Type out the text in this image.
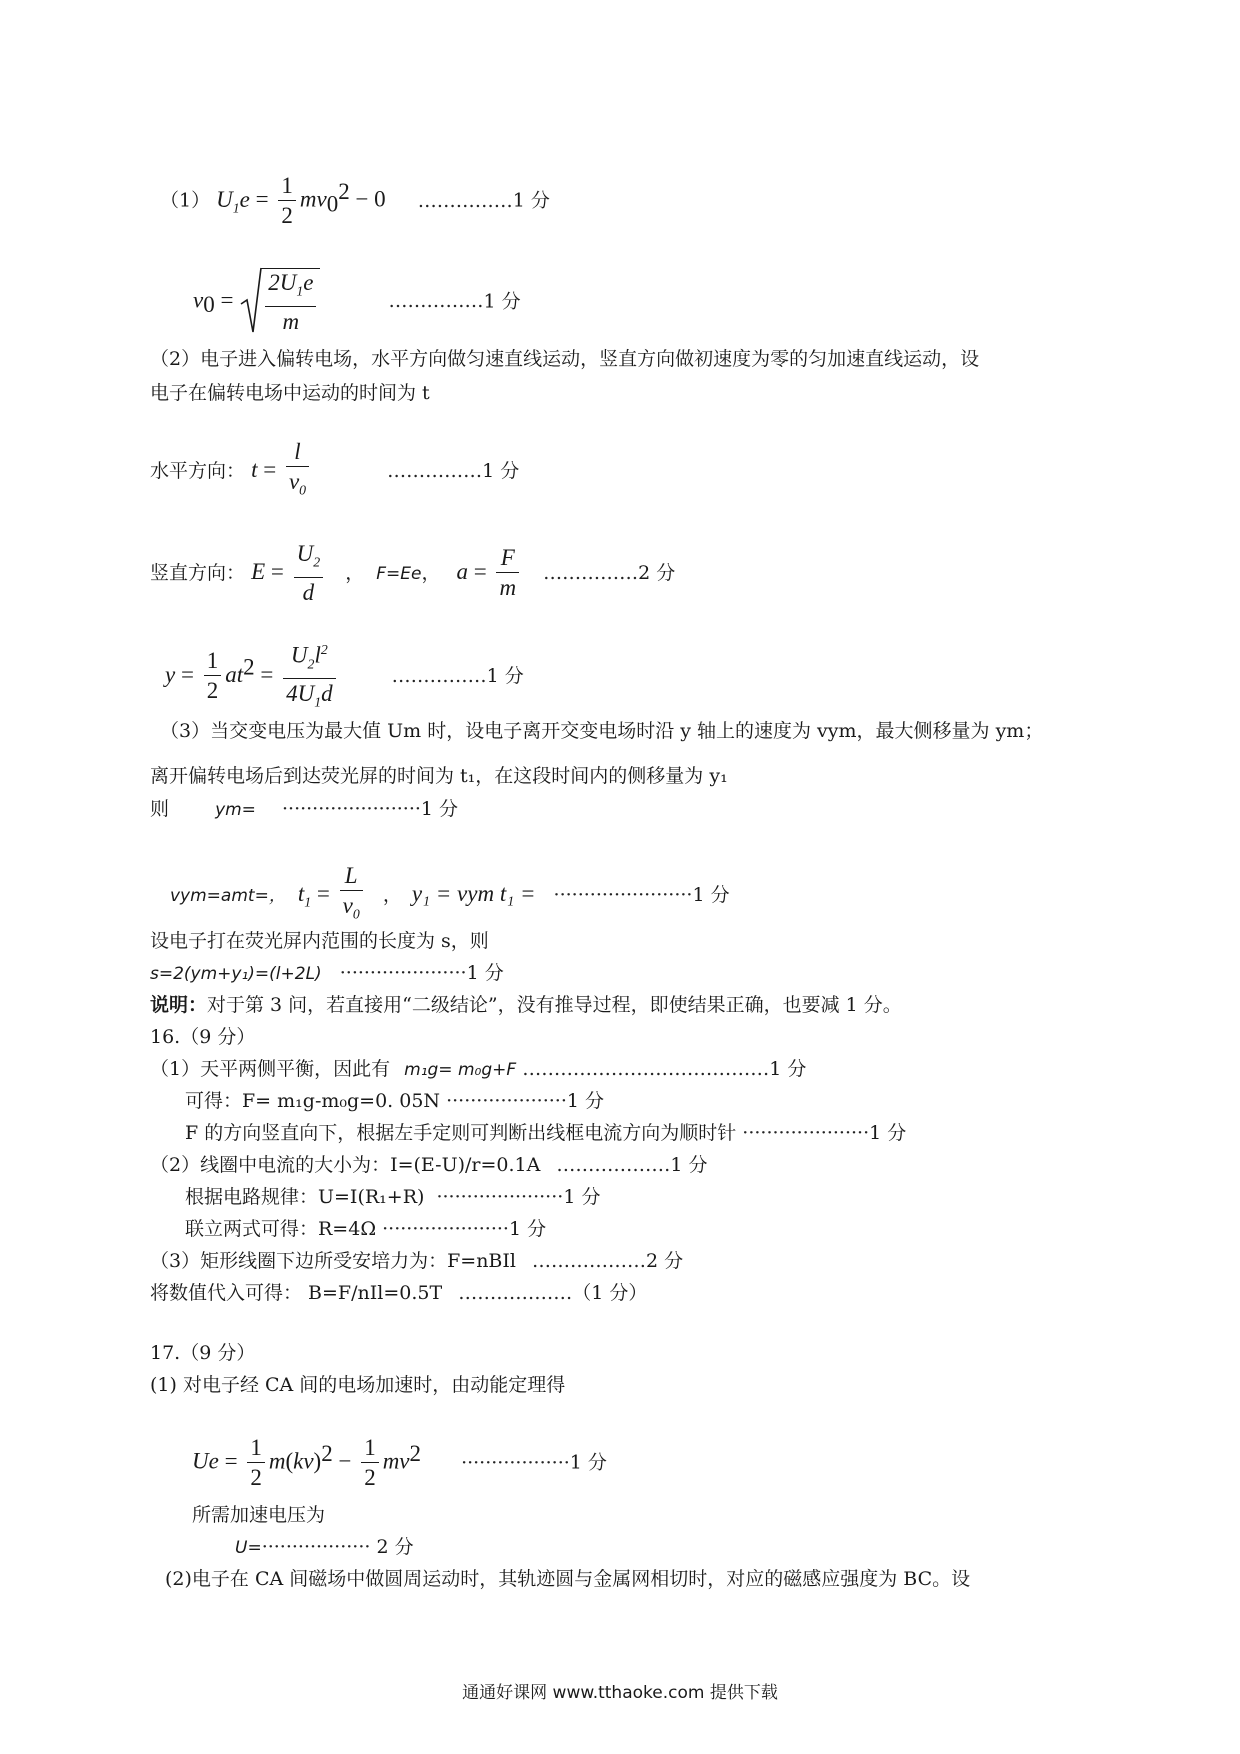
（1） $U_1e = \frac{1}{2} mv_0^2 - 0$ ……………1 分
$v_0 = \frac{2U_1e}{m}$	……………1 分
（2）电子进入偏转电场，水平方向做匀速直线运动，竖直方向做初速度为零的匀加速直线运动，设
电子在偏转电场中运动的时间为 t
水平方向： $t = \frac{l}{v_0}$	……………1 分
竖直方向： $E = \frac{U_2}{d}$ ， F=Ee， $a = \frac{F}{m}$ ……………2 分
$y = \frac{1}{2} at^2 = \frac{U_2l^2}{4U_1d}$	……………1 分
（3）当交变电压为最大值 Um 时，设电子离开交变电场时沿 y 轴上的速度为 vym，最大侧移量为 ym；
离开偏转电场后到达荧光屏的时间为 t₁，在这段时间内的侧移量为 y₁
则	ym= ·······················1 分
vym=amt=， $t_1 = \frac{L}{v_0}$ ， y₁ = vym t₁ = ·······················1 分
设电子打在荧光屏内范围的长度为 s，则
s=2(ym+y₁)=(l+2L) ·····················1 分
说明：对于第 3 问，若直接用“二级结论”，没有推导过程，即使结果正确，也要减 1 分。
16.（9 分）
（1）天平两侧平衡，因此有 m₁g= m₀g+F …………………………………1 分
可得：F= m₁g-m₀g=0. 05N ····················1 分
F 的方向竖直向下，根据左手定则可判断出线框电流方向为顺时针 ·····················1 分
（2）线圈中电流的大小为：I=(E-U)/r=0.1A ………………1 分
根据电路规律：U=I(R₁+R) ·····················1 分
联立两式可得：R=4Ω ·····················1 分
（3）矩形线圈下边所受安培力为：F=nBIl ………………2 分
将数值代入可得： B=F/nIl=0.5T ………………（1 分）
17.（9 分）
(1) 对电子经 CA 间的电场加速时，由动能定理得
$Ue = \frac{1}{2} m(kv)^2 - \frac{1}{2} mv^2 \cdot\cdot\cdot\cdot\cdot\cdot\cdot\cdot\cdot\cdot\cdot\cdot\cdot\cdot\cdot\cdot\cdot\cdot 1$ 分
所需加速电压为
U=·················· 2 分
(2)电子在 CA 间磁场中做圆周运动时，其轨迹圆与金属网相切时，对应的磁感应强度为 BC。设
通通好课网 www.tthaoke.com 提供下载
